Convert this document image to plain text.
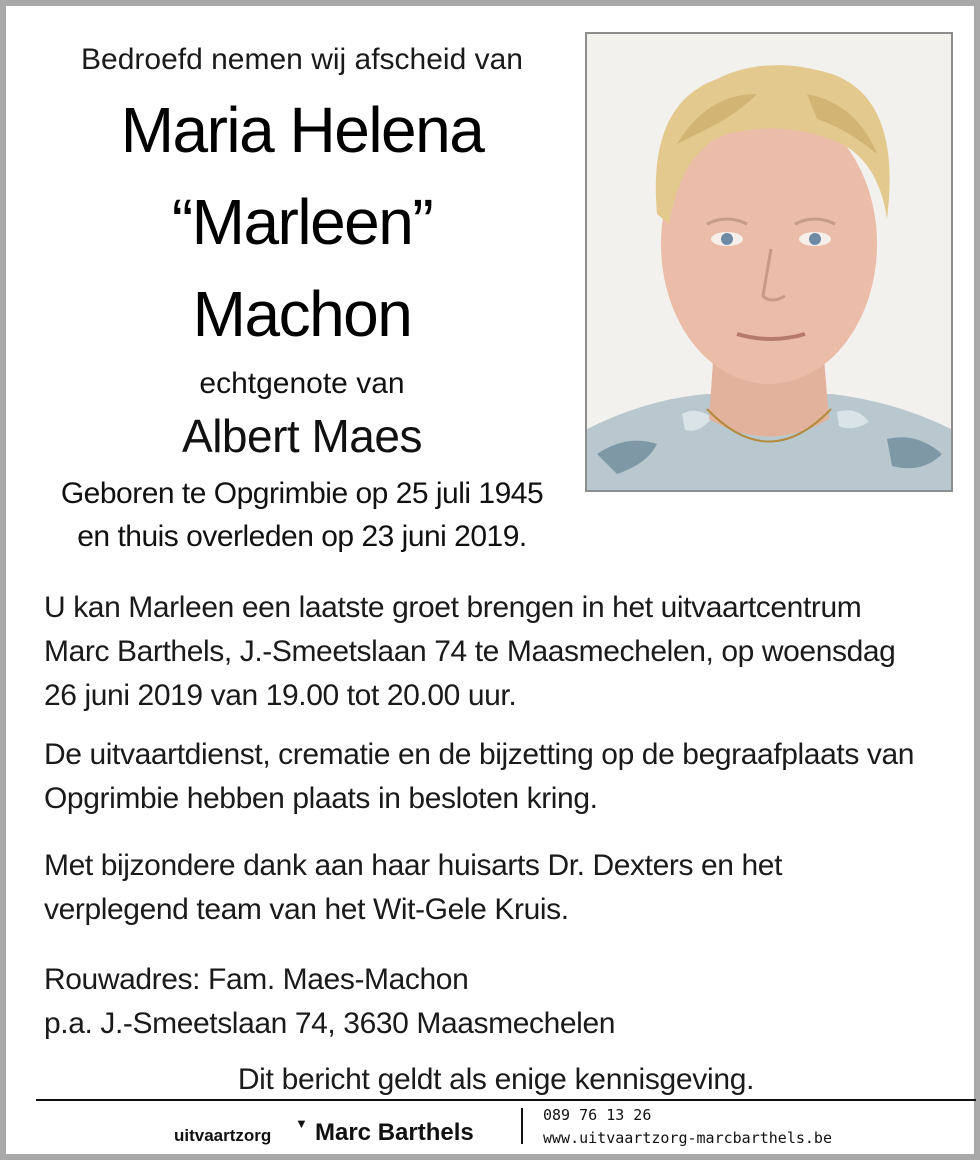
Bedroefd nemen wij afscheid van
Maria Helena
“Marleen”
Machon
echtgenote van
Albert Maes
Geboren te Opgrimbie op 25 juli 1945
en thuis overleden op 23 juni 2019.
U kan Marleen een laatste groet brengen in het uitvaartcentrum
Marc Barthels, J.-Smeetslaan 74 te Maasmechelen, op woensdag
26 juni 2019 van 19.00 tot 20.00 uur.
De uitvaartdienst, crematie en de bijzetting op de begraafplaats van
Opgrimbie hebben plaats in besloten kring.
Met bijzondere dank aan haar huisarts Dr. Dexters en het
verplegend team van het Wit-Gele Kruis.
Rouwadres: Fam. Maes-Machon
p.a. J.-Smeetslaan 74, 3630 Maasmechelen
Dit bericht geldt als enige kennisgeving.
uitvaartzorg
▼ Marc Barthels
089 76 13 26
www.uitvaartzorg-marcbarthels.be
